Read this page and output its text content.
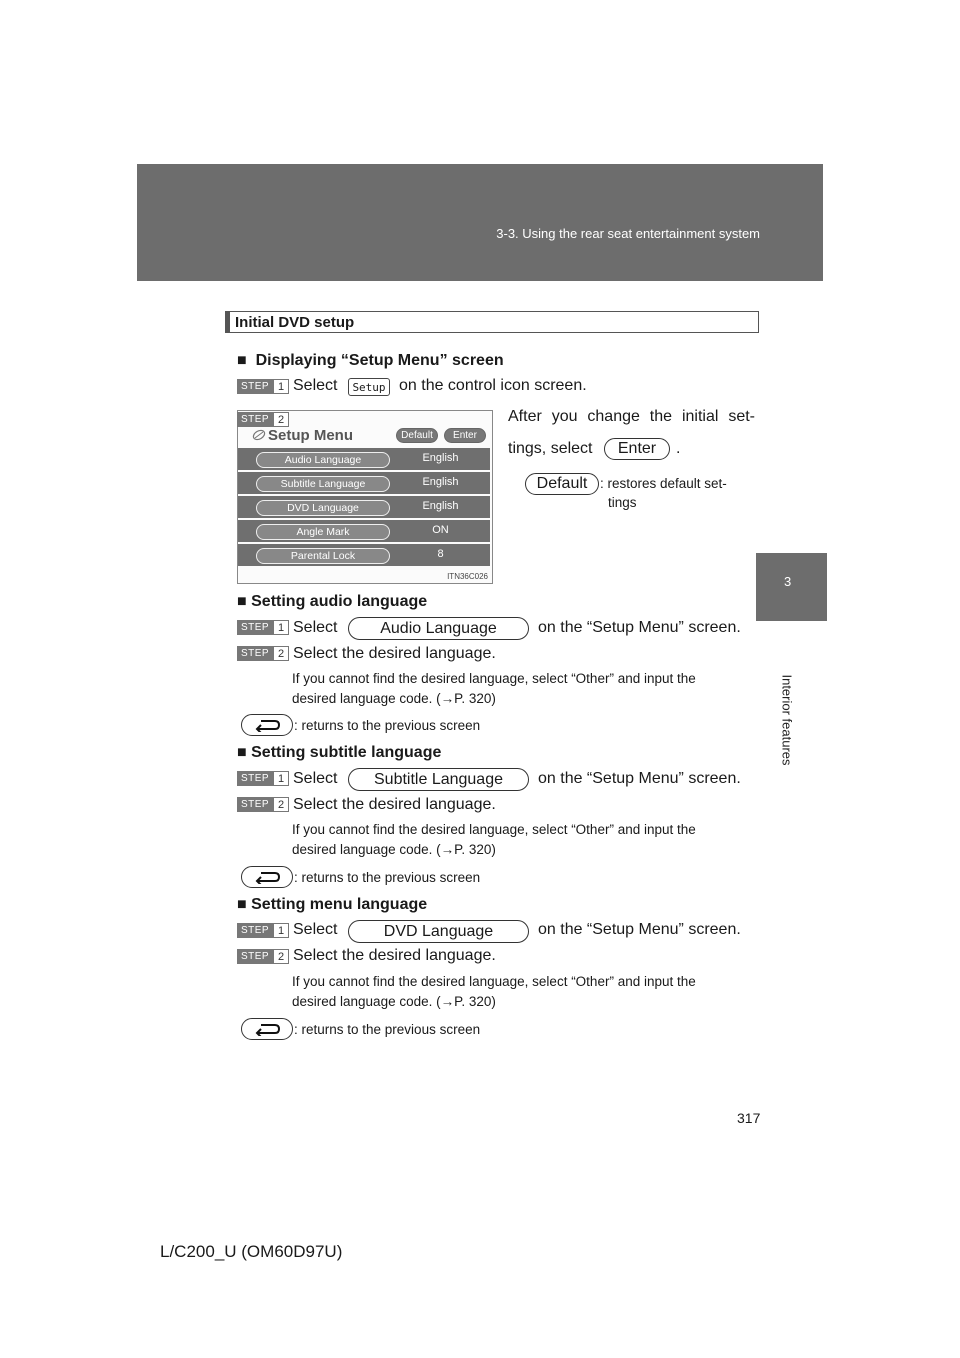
3-3. Using the rear seat entertainment system
3
Interior features
Initial DVD setup
■ Displaying “Setup Menu” screen
STEP 1 Select	Setup on the control icon screen.
STEP 2
Setup Menu	Default	Enter
Audio Language	English
Subtitle Language	English
DVD Language	English
Angle Mark	ON
Parental Lock	8
ITN36C026
After you change the initial set-
tings, select	Enter	.
Default : restores default set-
tings
■ Setting audio language
STEP 1 Select	Audio Language	on the “Setup Menu” screen.
STEP 2 Select the desired language.
If you cannot find the desired language, select “Other” and input the
desired language code. (→P. 320)
: returns to the previous screen
■ Setting subtitle language
STEP 1 Select	Subtitle Language	on the “Setup Menu” screen.
STEP 2 Select the desired language.
If you cannot find the desired language, select “Other” and input the
desired language code. (→P. 320)
: returns to the previous screen
■ Setting menu language
STEP 1 Select	DVD Language	on the “Setup Menu” screen.
STEP 2 Select the desired language.
If you cannot find the desired language, select “Other” and input the
desired language code. (→P. 320)
: returns to the previous screen
317
L/C200_U (OM60D97U)
